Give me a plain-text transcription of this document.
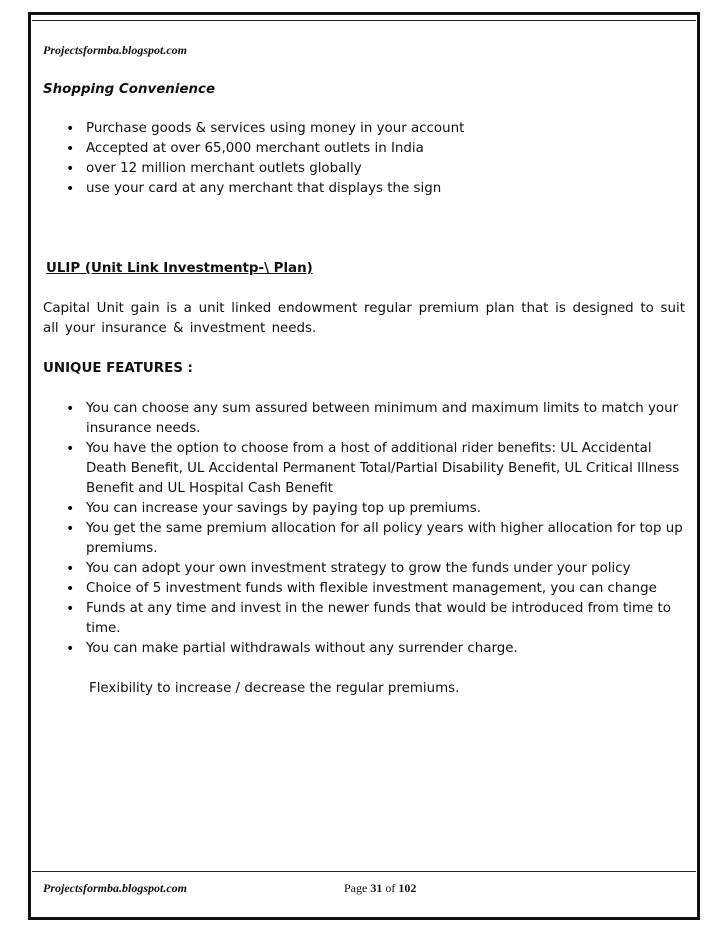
Projectsformba.blogspot.com
Shopping Convenience
• Purchase goods & services using money in your account
• Accepted at over 65,000 merchant outlets in India
• over 12 million merchant outlets globally
• use your card at any merchant that displays the sign
ULIP (Unit Link Investmentp-\ Plan)
Capital Unit gain is a unit linked endowment regular premium plan that is designed to suit all your insurance & investment needs.
UNIQUE FEATURES :
• You can choose any sum assured between minimum and maximum limits to match your insurance needs.
• You have the option to choose from a host of additional rider benefits: UL Accidental Death Benefit, UL Accidental Permanent Total/Partial Disability Benefit, UL Critical Illness Benefit and UL Hospital Cash Benefit
• You can increase your savings by paying top up premiums.
• You get the same premium allocation for all policy years with higher allocation for top up premiums.
• You can adopt your own investment strategy to grow the funds under your policy
• Choice of 5 investment funds with flexible investment management, you can change
• Funds at any time and invest in the newer funds that would be introduced from time to time.
• You can make partial withdrawals without any surrender charge.
Flexibility to increase / decrease the regular premiums.
Projectsformba.blogspot.com	Page 31 of 102
